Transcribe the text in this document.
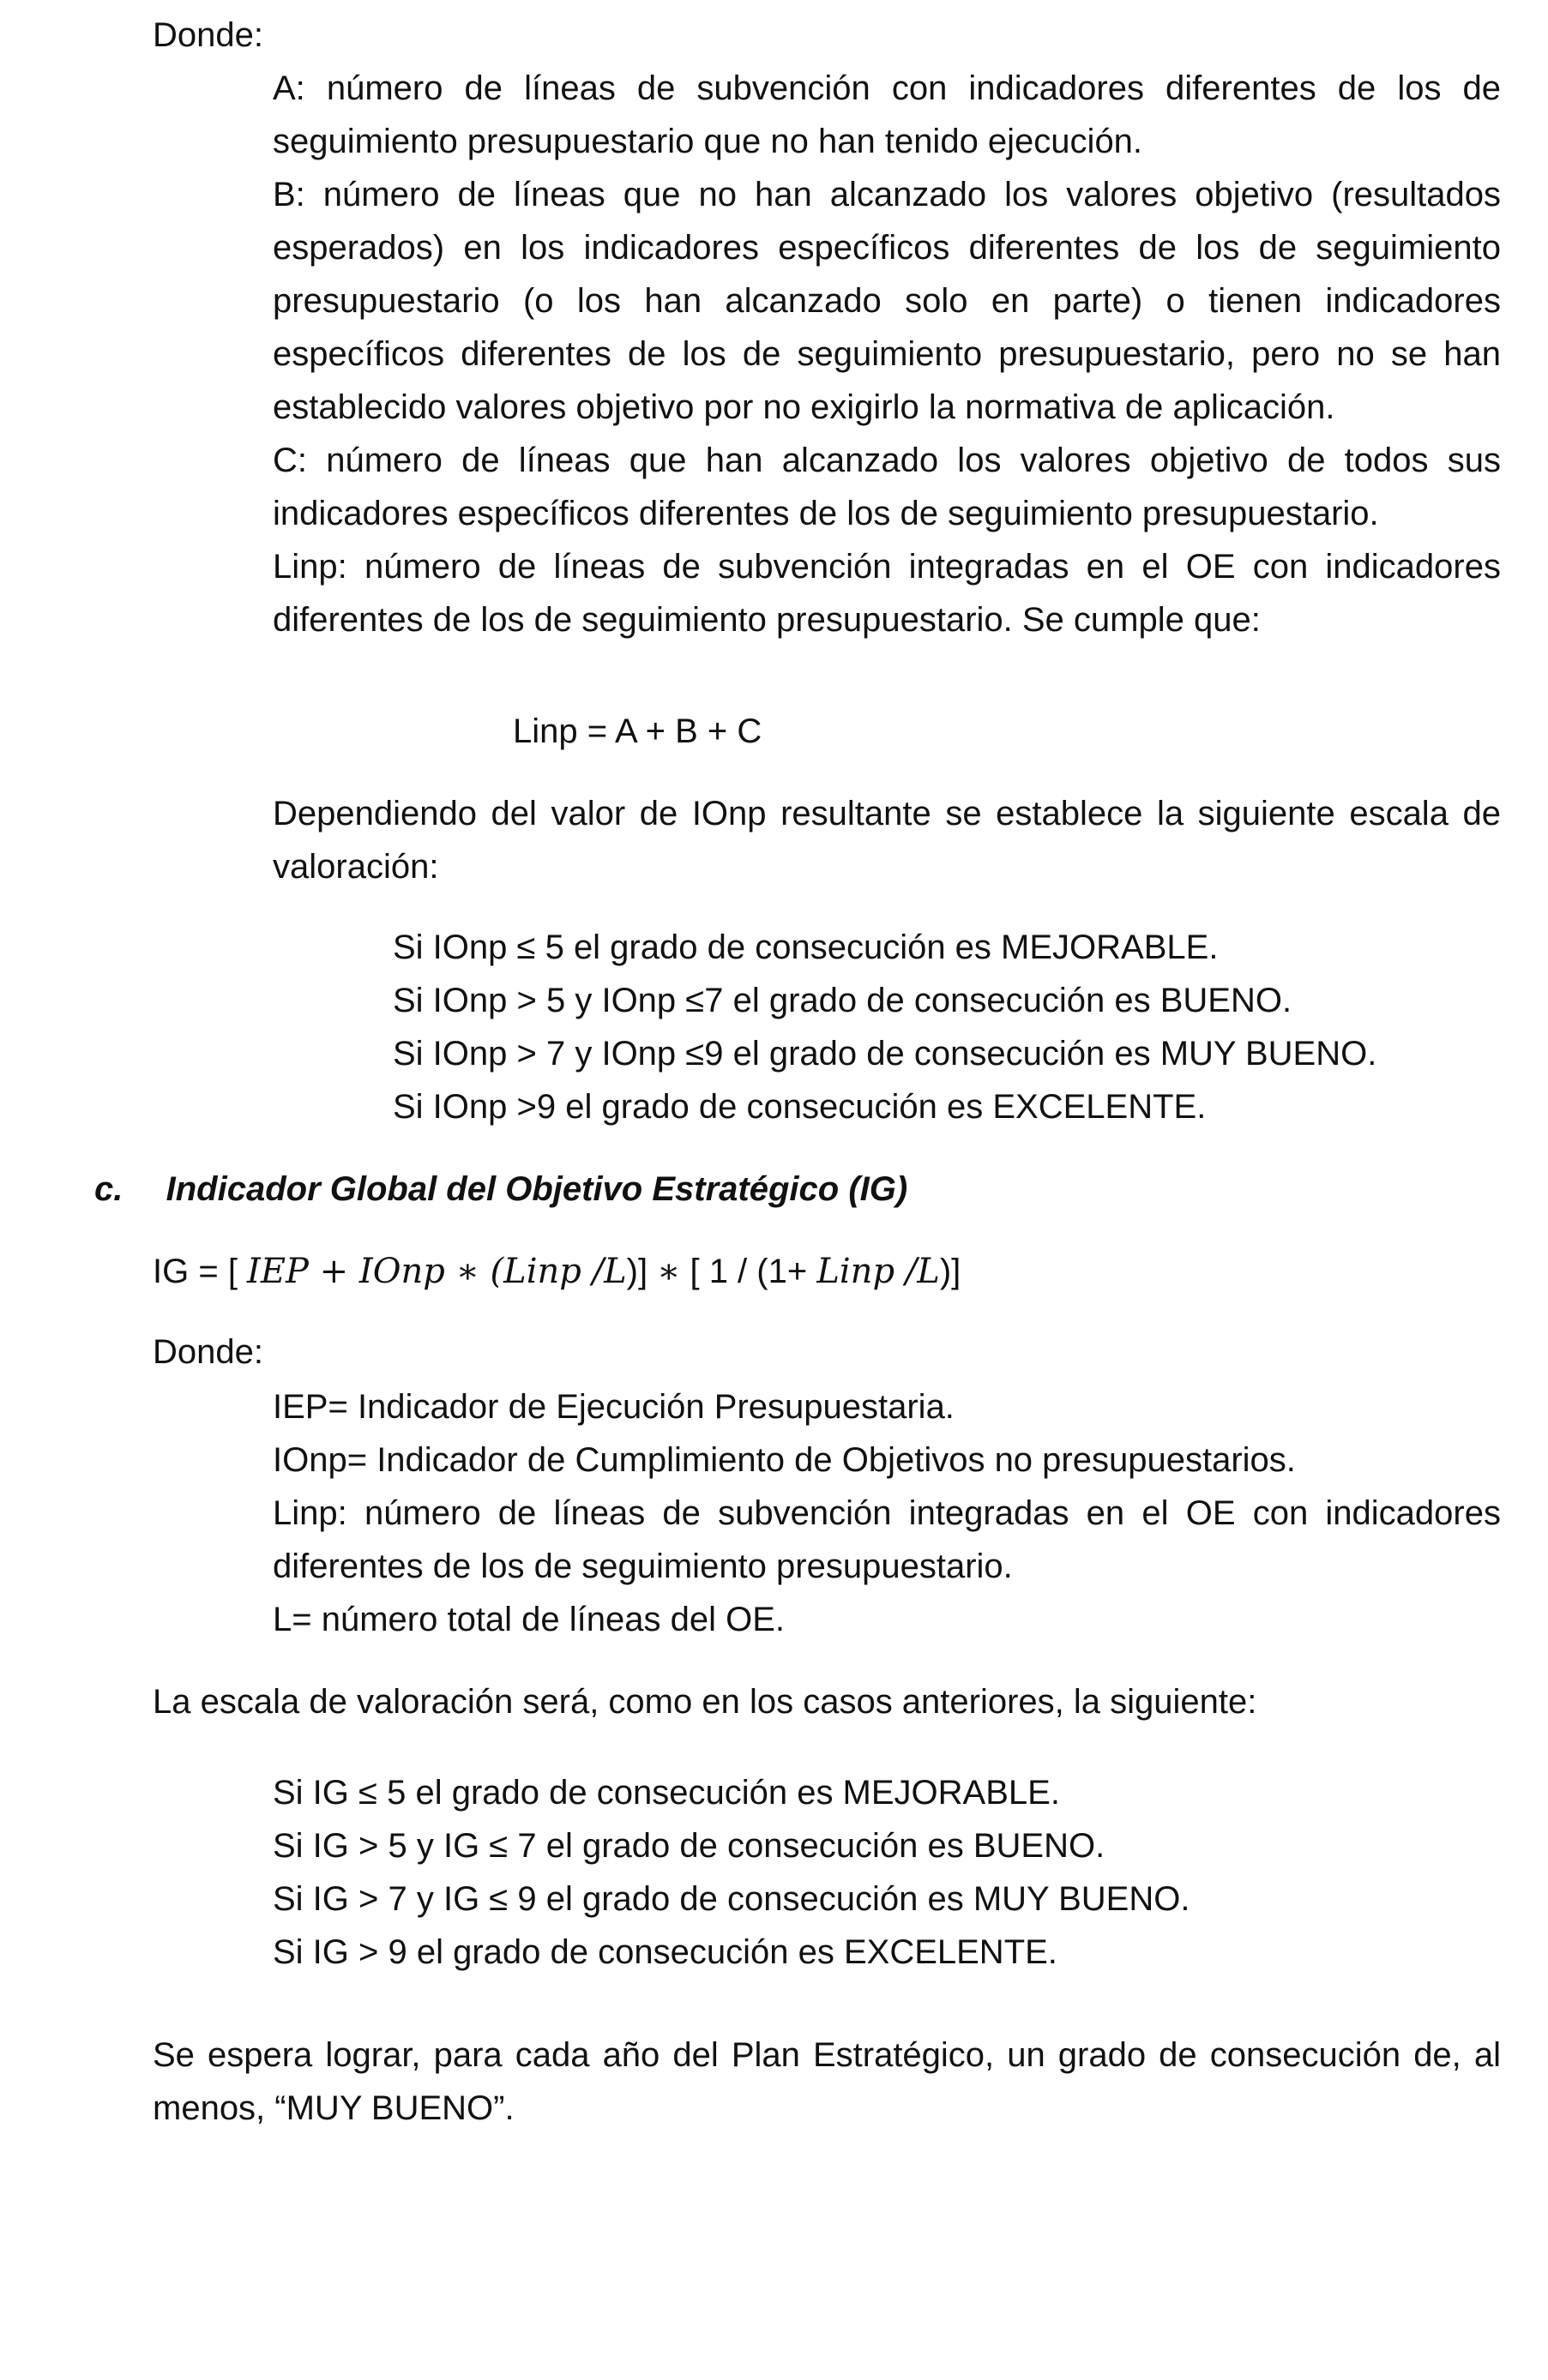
Donde:

A: número de líneas de subvención con indicadores diferentes de los de seguimiento presupuestario que no han tenido ejecución.

B: número de líneas que no han alcanzado los valores objetivo (resultados esperados) en los indicadores específicos diferentes de los de seguimiento presupuestario (o los han alcanzado solo en parte) o tienen indicadores específicos diferentes de los de seguimiento presupuestario, pero no se han establecido valores objetivo por no exigirlo la normativa de aplicación.

C: número de líneas que han alcanzado los valores objetivo de todos sus indicadores específicos diferentes de los de seguimiento presupuestario.

Linp: número de líneas de subvención integradas en el OE con indicadores diferentes de los de seguimiento presupuestario. Se cumple que:

Linp = A + B + C

Dependiendo del valor de IOnp resultante se establece la siguiente escala de valoración:

Si IOnp ≤ 5 el grado de consecución es MEJORABLE.
Si IOnp > 5 y IOnp ≤7 el grado de consecución es BUENO.
Si IOnp > 7 y IOnp ≤9 el grado de consecución es MUY BUENO.
Si IOnp >9 el grado de consecución es EXCELENTE.
c. Indicador Global del Objetivo Estratégico (IG)
IG = [ IEP + IOnp ∗ (Linp /L)] ∗ [ 1 / (1+ Linp /L)]

Donde:

IEP= Indicador de Ejecución Presupuestaria.

IOnp= Indicador de Cumplimiento de Objetivos no presupuestarios.

Linp: número de líneas de subvención integradas en el OE con indicadores diferentes de los de seguimiento presupuestario.

L= número total de líneas del OE.

La escala de valoración será, como en los casos anteriores, la siguiente:

Si IG ≤ 5 el grado de consecución es MEJORABLE.
Si IG > 5 y IG ≤ 7 el grado de consecución es BUENO.
Si IG > 7 y IG ≤ 9 el grado de consecución es MUY BUENO.
Si IG > 9 el grado de consecución es EXCELENTE.

Se espera lograr, para cada año del Plan Estratégico, un grado de consecución de, al menos, “MUY BUENO”.
